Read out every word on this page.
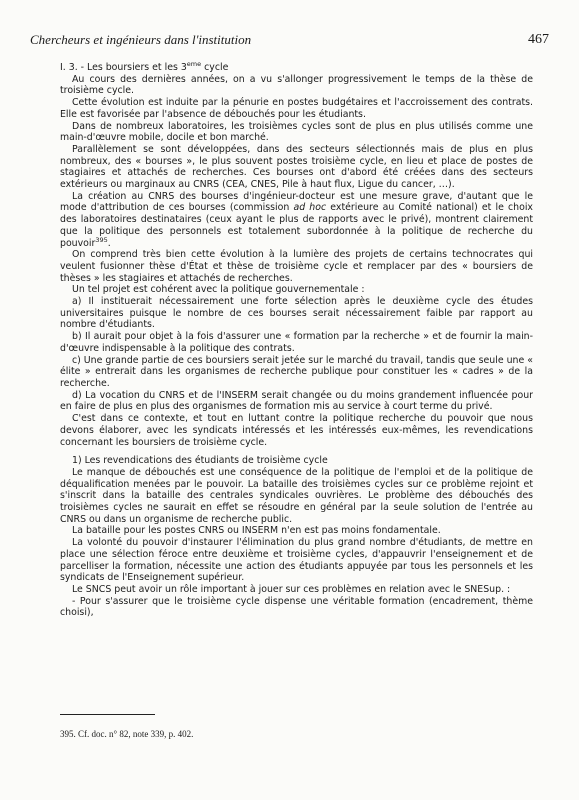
Chercheurs et ingénieurs dans l'institution	467

I. 3. - Les boursiers et les 3eme cycle

Au cours des dernières années, on a vu s'allonger progressivement le temps de la thèse de troisième cycle.

Cette évolution est induite par la pénurie en postes budgétaires et l'accroissement des contrats. Elle est favorisée par l'absence de débouchés pour les étudiants.

Dans de nombreux laboratoires, les troisièmes cycles sont de plus en plus utilisés comme une main-d'œuvre mobile, docile et bon marché.

Parallèlement se sont développées, dans des secteurs sélectionnés mais de plus en plus nombreux, des « bourses », le plus souvent postes troisième cycle, en lieu et place de postes de stagiaires et attachés de recherches. Ces bourses ont d'abord été créées dans des secteurs extérieurs ou marginaux au CNRS (CEA, CNES, Pile à haut flux, Ligue du cancer, …).

La création au CNRS des bourses d'ingénieur-docteur est une mesure grave, d'autant que le mode d'attribution de ces bourses (commission ad hoc extérieure au Comité national) et le choix des laboratoires destinataires (ceux ayant le plus de rapports avec le privé), montrent clairement que la politique des personnels est totalement subordonnée à la politique de recherche du pouvoir$^{395}$.

On comprend très bien cette évolution à la lumière des projets de certains technocrates qui veulent fusionner thèse d'État et thèse de troisième cycle et remplacer par des « boursiers de thèses » les stagiaires et attachés de recherches.

Un tel projet est cohérent avec la politique gouvernementale :

a) Il instituerait nécessairement une forte sélection après le deuxième cycle des études universitaires puisque le nombre de ces bourses serait nécessairement faible par rapport au nombre d'étudiants.

b) Il aurait pour objet à la fois d'assurer une « formation par la recherche » et de fournir la main-d'œuvre indispensable à la politique des contrats.

c) Une grande partie de ces boursiers serait jetée sur le marché du travail, tandis que seule une « élite » entrerait dans les organismes de recherche publique pour constituer les « cadres » de la recherche.

d) La vocation du CNRS et de l'INSERM serait changée ou du moins grandement influencée pour en faire de plus en plus des organismes de formation mis au service à court terme du privé.

C'est dans ce contexte, et tout en luttant contre la politique recherche du pouvoir que nous devons élaborer, avec les syndicats intéressés et les intéressés eux-mêmes, les revendications concernant les boursiers de troisième cycle.

1) Les revendications des étudiants de troisième cycle

Le manque de débouchés est une conséquence de la politique de l'emploi et de la politique de déqualification menées par le pouvoir. La bataille des troisièmes cycles sur ce problème rejoint et s'inscrit dans la bataille des centrales syndicales ouvrières. Le problème des débouchés des troisièmes cycles ne saurait en effet se résoudre en général par la seule solution de l'entrée au CNRS ou dans un organisme de recherche public.

La bataille pour les postes CNRS ou INSERM n'en est pas moins fondamentale.

La volonté du pouvoir d'instaurer l'élimination du plus grand nombre d'étudiants, de mettre en place une sélection féroce entre deuxième et troisième cycles, d'appauvrir l'enseignement et de parcelliser la formation, nécessite une action des étudiants appuyée par tous les personnels et les syndicats de l'Enseignement supérieur.

Le SNCS peut avoir un rôle important à jouer sur ces problèmes en relation avec le SNESup. :

- Pour s'assurer que le troisième cycle dispense une véritable formation (encadrement, thème choisi),

395. Cf. doc. n° 82, note 339, p. 402.
